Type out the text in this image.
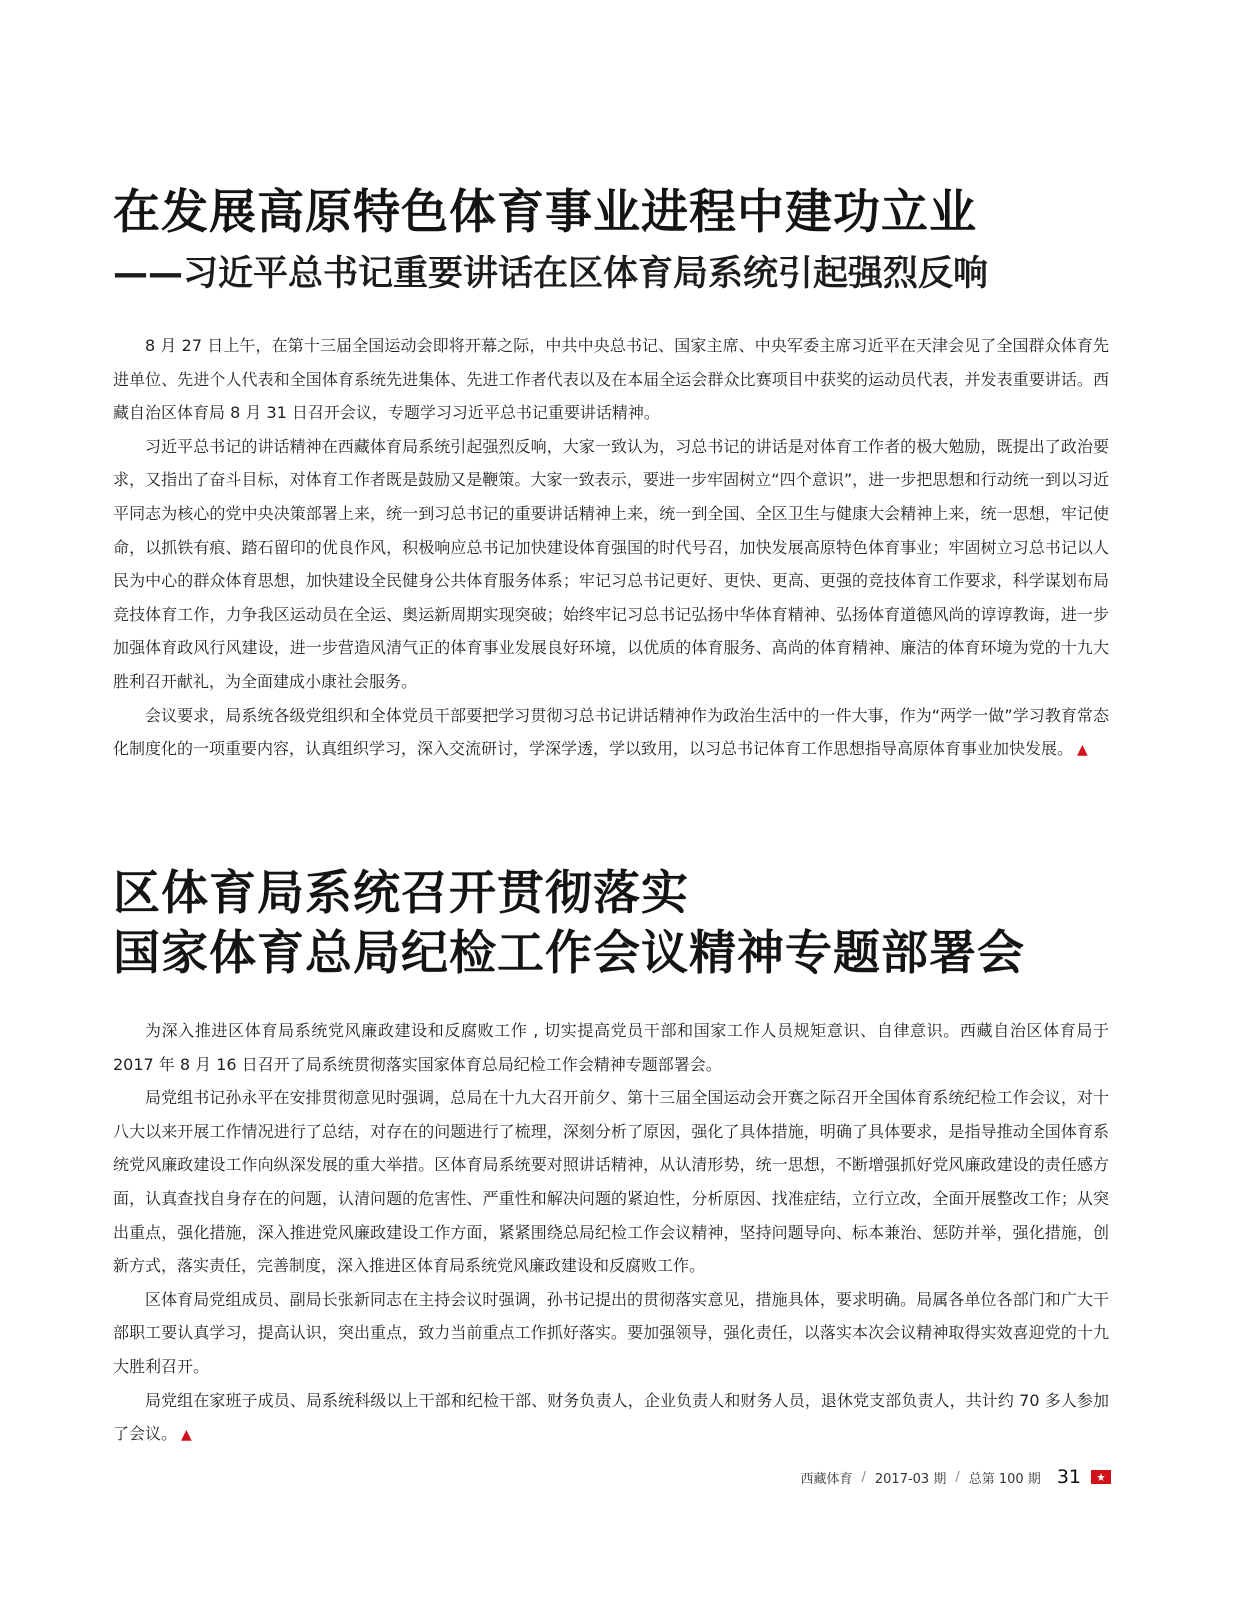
在发展高原特色体育事业进程中建功立业
——习近平总书记重要讲话在区体育局系统引起强烈反响

8 月 27 日上午，在第十三届全国运动会即将开幕之际，中共中央总书记、国家主席、中央军委主席习近平在天津会见了全国群众体育先进单位、先进个人代表和全国体育系统先进集体、先进工作者代表以及在本届全运会群众比赛项目中获奖的运动员代表，并发表重要讲话。西藏自治区体育局 8 月 31 日召开会议，专题学习习近平总书记重要讲话精神。

习近平总书记的讲话精神在西藏体育局系统引起强烈反响，大家一致认为，习总书记的讲话是对体育工作者的极大勉励，既提出了政治要求，又指出了奋斗目标，对体育工作者既是鼓励又是鞭策。大家一致表示，要进一步牢固树立“四个意识”，进一步把思想和行动统一到以习近平同志为核心的党中央决策部署上来，统一到习总书记的重要讲话精神上来，统一到全国、全区卫生与健康大会精神上来，统一思想，牢记使命，以抓铁有痕、踏石留印的优良作风，积极响应总书记加快建设体育强国的时代号召，加快发展高原特色体育事业；牢固树立习总书记以人民为中心的群众体育思想，加快建设全民健身公共体育服务体系；牢记习总书记更好、更快、更高、更强的竞技体育工作要求，科学谋划布局竞技体育工作，力争我区运动员在全运、奥运新周期实现突破；始终牢记习总书记弘扬中华体育精神、弘扬体育道德风尚的谆谆教诲，进一步加强体育政风行风建设，进一步营造风清气正的体育事业发展良好环境，以优质的体育服务、高尚的体育精神、廉洁的体育环境为党的十九大胜利召开献礼，为全面建成小康社会服务。

会议要求，局系统各级党组织和全体党员干部要把学习贯彻习总书记讲话精神作为政治生活中的一件大事，作为“两学一做”学习教育常态化制度化的一项重要内容，认真组织学习，深入交流研讨，学深学透，学以致用，以习总书记体育工作思想指导高原体育事业加快发展。 ▲

区体育局系统召开贯彻落实
国家体育总局纪检工作会议精神专题部署会

为深入推进区体育局系统党风廉政建设和反腐败工作 , 切实提高党员干部和国家工作人员规矩意识、自律意识。西藏自治区体育局于 2017 年 8 月 16 日召开了局系统贯彻落实国家体育总局纪检工作会精神专题部署会。

局党组书记孙永平在安排贯彻意见时强调，总局在十九大召开前夕、第十三届全国运动会开赛之际召开全国体育系统纪检工作会议，对十八大以来开展工作情况进行了总结，对存在的问题进行了梳理，深刻分析了原因，强化了具体措施，明确了具体要求，是指导推动全国体育系统党风廉政建设工作向纵深发展的重大举措。区体育局系统要对照讲话精神，从认清形势，统一思想，不断增强抓好党风廉政建设的责任感方面，认真查找自身存在的问题，认清问题的危害性、严重性和解决问题的紧迫性，分析原因、找准症结，立行立改，全面开展整改工作；从突出重点，强化措施，深入推进党风廉政建设工作方面，紧紧围绕总局纪检工作会议精神，坚持问题导向、标本兼治、惩防并举，强化措施，创新方式，落实责任，完善制度，深入推进区体育局系统党风廉政建设和反腐败工作。

区体育局党组成员、副局长张新同志在主持会议时强调，孙书记提出的贯彻落实意见，措施具体，要求明确。局属各单位各部门和广大干部职工要认真学习，提高认识，突出重点，致力当前重点工作抓好落实。要加强领导，强化责任，以落实本次会议精神取得实效喜迎党的十九大胜利召开。

局党组在家班子成员、局系统科级以上干部和纪检干部、财务负责人，企业负责人和财务人员，退休党支部负责人，共计约 70 多人参加了会议。 ▲

西藏体育 / 2017-03 期 / 总第 100 期 31
